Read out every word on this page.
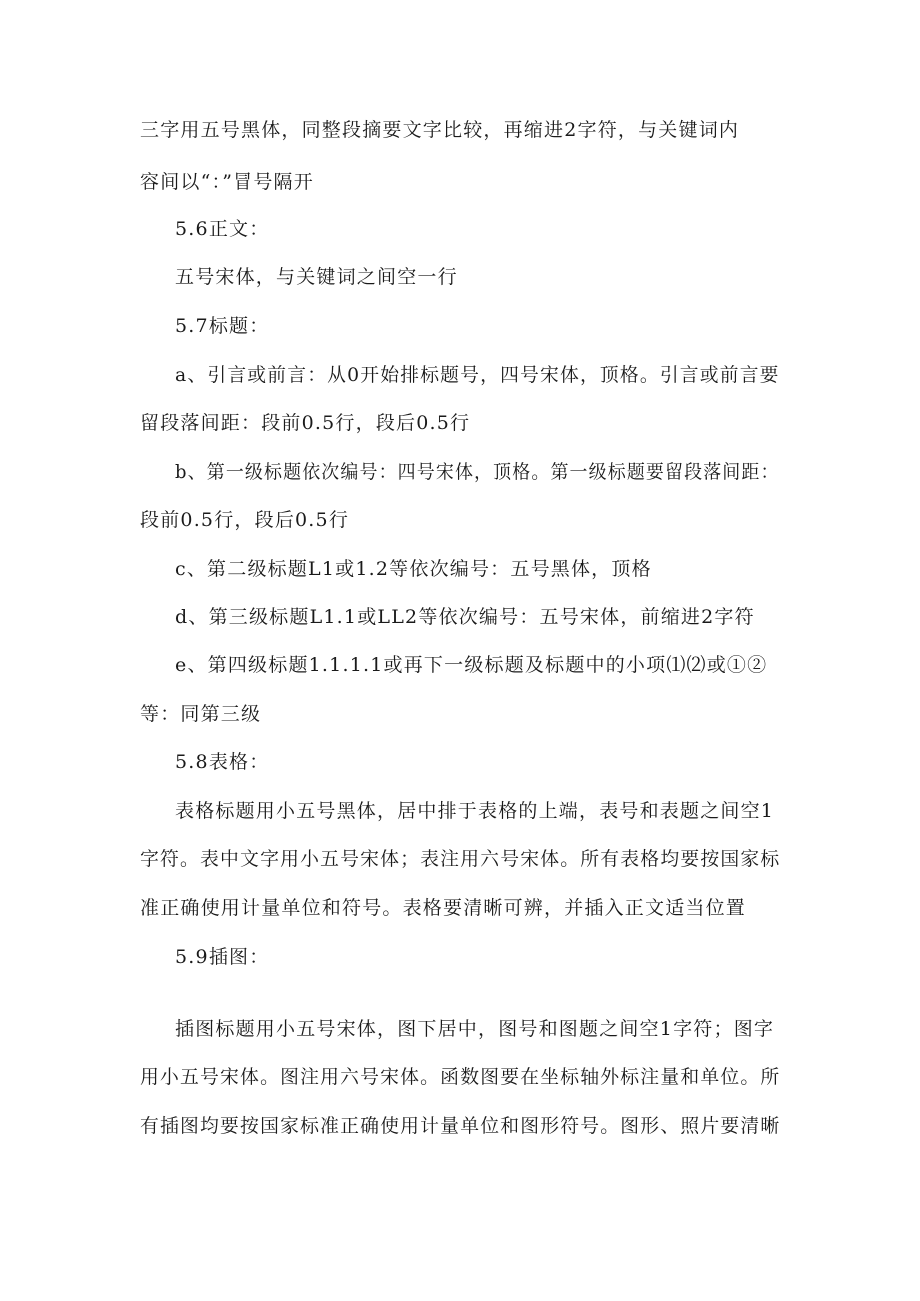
三字用五号黑体，同整段摘要文字比较，再缩进2字符，与关键词内
容间以“：”冒号隔开
5.6正文：
五号宋体，与关键词之间空一行
5.7标题：
a、引言或前言：从0开始排标题号，四号宋体，顶格。引言或前言要
留段落间距：段前0.5行，段后0.5行
b、第一级标题依次编号：四号宋体，顶格。第一级标题要留段落间距：
段前0.5行，段后0.5行
c、第二级标题L1或1.2等依次编号：五号黑体，顶格
d、第三级标题L1.1或LL2等依次编号：五号宋体，前缩进2字符
e、第四级标题1.1.1.1或再下一级标题及标题中的小项⑴⑵或①②
等：同第三级
5.8表格：
表格标题用小五号黑体，居中排于表格的上端，表号和表题之间空1
字符。表中文字用小五号宋体；表注用六号宋体。所有表格均要按国家标
准正确使用计量单位和符号。表格要清晰可辨，并插入正文适当位置
5.9插图：
插图标题用小五号宋体，图下居中，图号和图题之间空1字符；图字
用小五号宋体。图注用六号宋体。函数图要在坐标轴外标注量和单位。所
有插图均要按国家标准正确使用计量单位和图形符号。图形、照片要清晰
